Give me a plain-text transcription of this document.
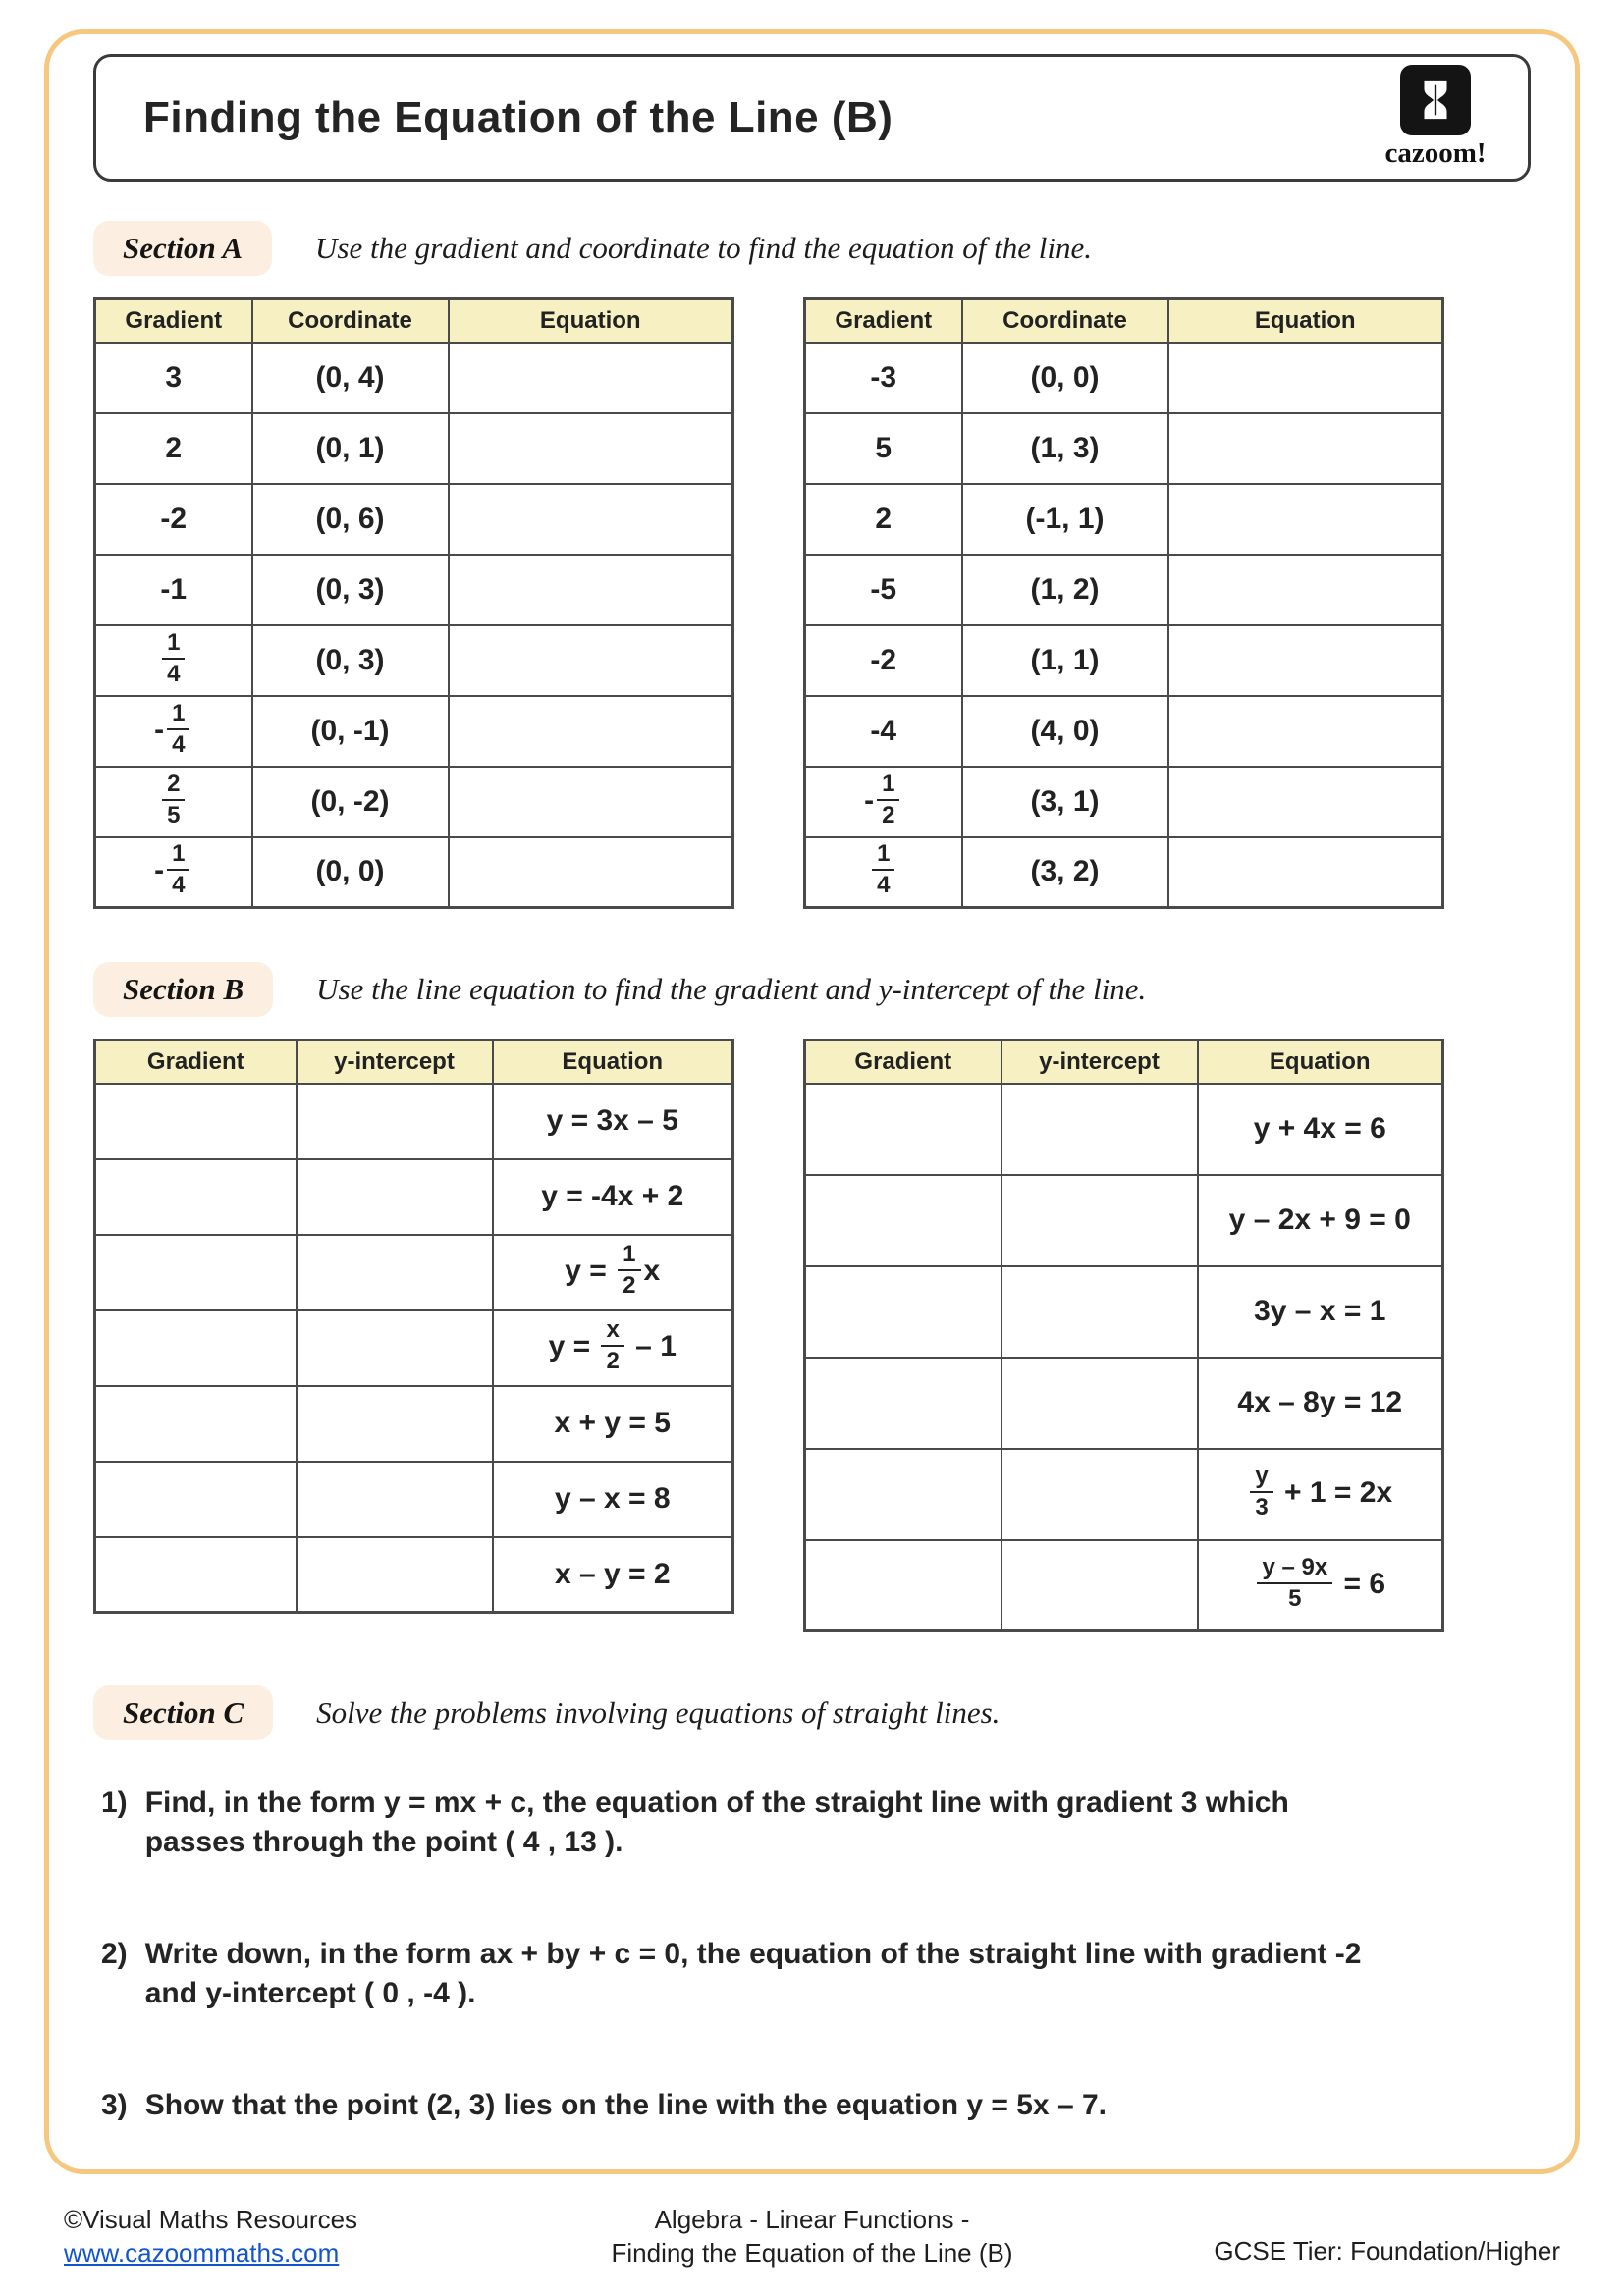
Finding the Equation of the Line (B)
cazoom!
Section A	Use the gradient and coordinate to find the equation of the line.
Gradient	Coordinate	Equation
3	(0, 4)	
2	(0, 1)	
-2	(0, 6)	
-1	(0, 3)	

$\frac{1}{4}$	(0, 3)	
- $\frac{1}{4}$	(0, -1)	

$\frac{2}{5}$	(0, -2)	
- $\frac{1}{4}$	(0, 0)	
Gradient	Coordinate	Equation
-3	(0, 0)	
5	(1, 3)	
2	(-1, 1)	
-5	(1, 2)	
-2	(1, 1)	
-4	(4, 0)	
- $\frac{1}{2}$	(3, 1)	

$\frac{1}{4}$	(3, 2)	
Section B	Use the line equation to find the gradient and y-intercept of the line.
Gradient	y-intercept	Equation
		y = 3x – 5
		y = -4x + 2
		$y = \frac{1}{2}$ x
		$y = \frac{x}{2} - 1$
		x + y = 5
		y – x = 8
		x – y = 2
Gradient	y-intercept	Equation
		y + 4x = 6
		y – 2x + 9 = 0
		3y – x = 1
		4x – 8y = 12

		$\frac{y}{3} + 1 = 2x$

		$\frac{y - 9x}{5} = 6$
Section C	Solve the problems involving equations of straight lines.
1) Find, in the form y = mx + c, the equation of the straight line with gradient 3 which passes through the point ( 4 , 13 ).
2) Write down, in the form ax + by + c = 0, the equation of the straight line with gradient -2 and y-intercept ( 0 , -4 ).
3) Show that the point (2, 3) lies on the line with the equation y = 5x – 7.
©Visual Maths Resources
www.cazoommaths.com
Algebra - Linear Functions -
Finding the Equation of the Line (B)	GCSE Tier: Foundation/Higher
